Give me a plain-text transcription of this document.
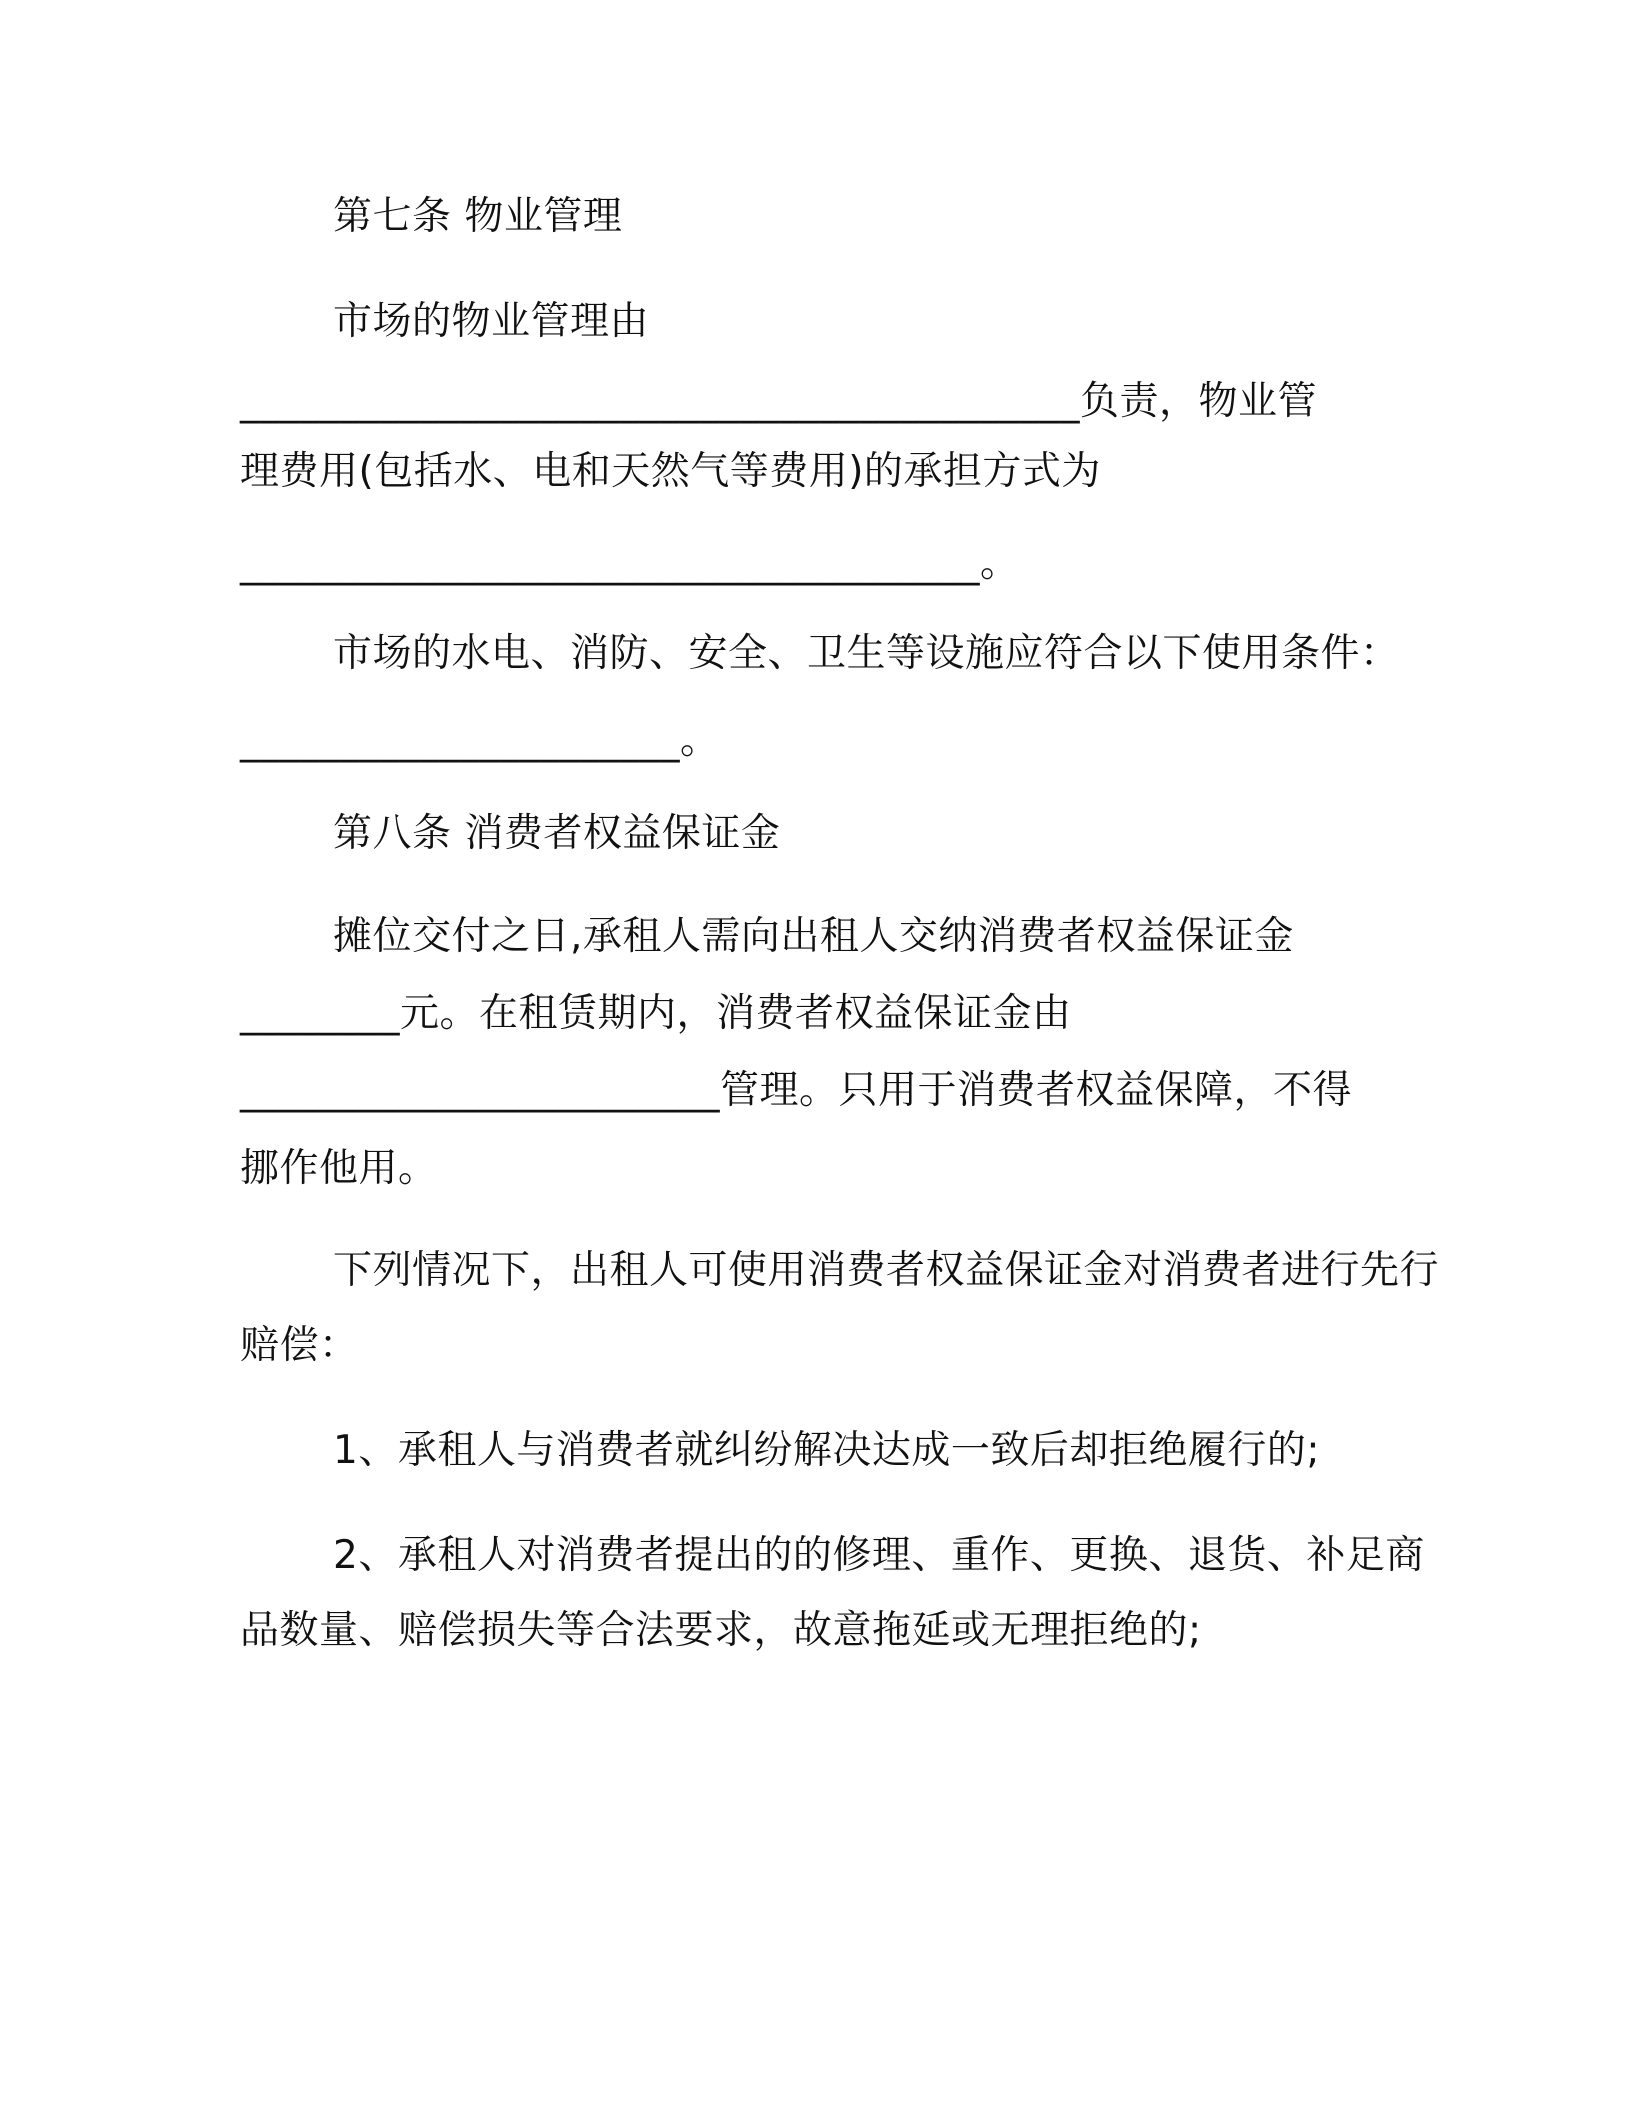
第七条 物业管理

市场的物业管理由

__________________________________________负责，物业管

理费用(包括水、电和天然气等费用)的承担方式为

_____________________________________。

市场的水电、消防、安全、卫生等设施应符合以下使用条件：

______________________。

第八条 消费者权益保证金

摊位交付之日,承租人需向出租人交纳消费者权益保证金

________元。在租赁期内，消费者权益保证金由

________________________管理。只用于消费者权益保障，不得

挪作他用。

下列情况下，出租人可使用消费者权益保证金对消费者进行先行

赔偿：

1、承租人与消费者就纠纷解决达成一致后却拒绝履行的;

2、承租人对消费者提出的的修理、重作、更换、退货、补足商

品数量、赔偿损失等合法要求，故意拖延或无理拒绝的;
